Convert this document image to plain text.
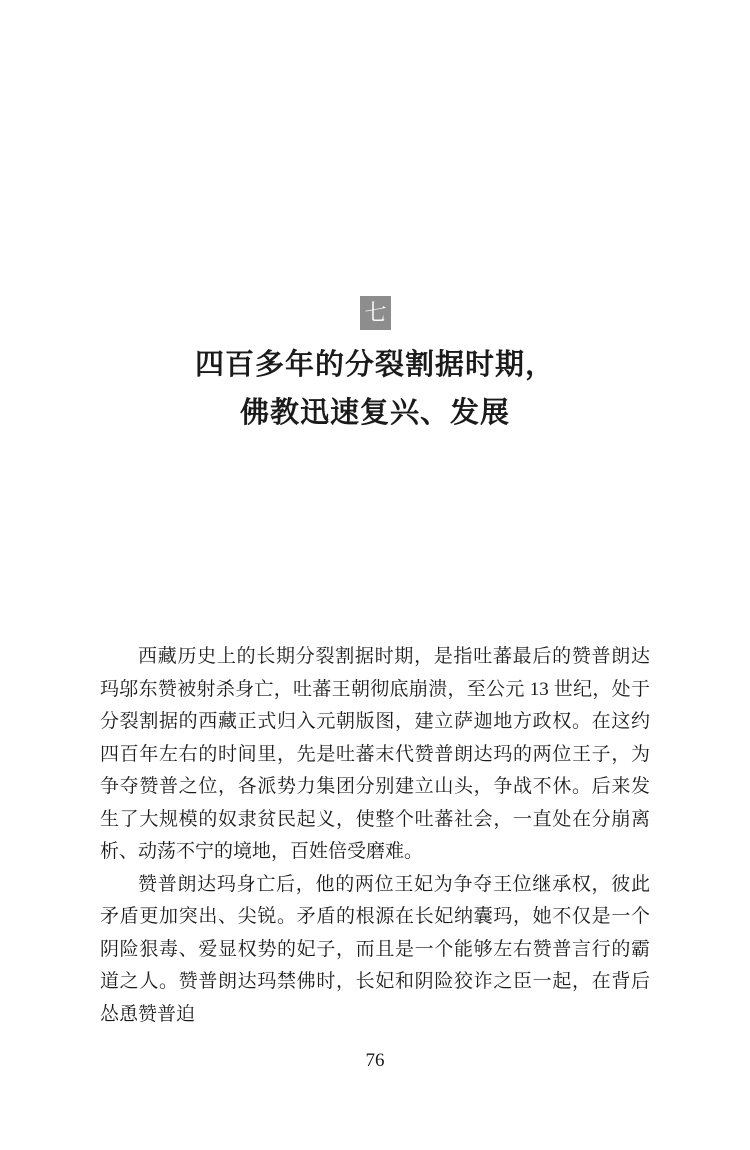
七
四百多年的分裂割据时期，
佛教迅速复兴、发展

西藏历史上的长期分裂割据时期，是指吐蕃最后的赞普朗达玛邬东赞被射杀身亡，吐蕃王朝彻底崩溃，至公元 13 世纪，处于分裂割据的西藏正式归入元朝版图，建立萨迦地方政权。在这约四百年左右的时间里，先是吐蕃末代赞普朗达玛的两位王子，为争夺赞普之位，各派势力集团分别建立山头，争战不休。后来发生了大规模的奴隶贫民起义，使整个吐蕃社会，一直处在分崩离析、动荡不宁的境地，百姓倍受磨难。

赞普朗达玛身亡后，他的两位王妃为争夺王位继承权，彼此矛盾更加突出、尖锐。矛盾的根源在长妃纳囊玛，她不仅是一个阴险狠毒、爱显权势的妃子，而且是一个能够左右赞普言行的霸道之人。赞普朗达玛禁佛时，长妃和阴险狡诈之臣一起，在背后怂恿赞普迫

76
